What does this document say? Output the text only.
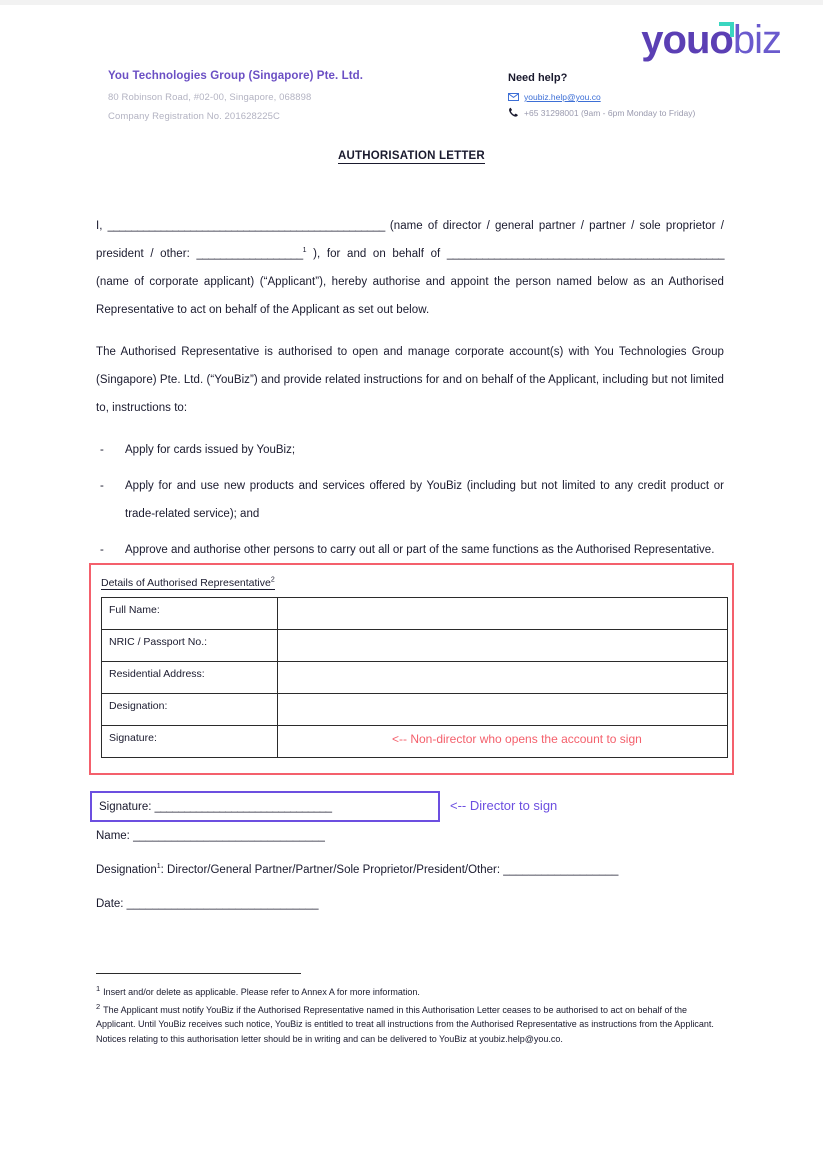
youo
biz

You Technologies Group (Singapore) Pte. Ltd.

80 Robinson Road, #02-00, Singapore, 068898

Company Registration No. 201628225C

Need help?

youbiz.help@you.co
+65 31298001 (9am - 6pm Monday to Friday)
AUTHORISATION LETTER

I, _______________________________________________ (name of director / general partner / partner / sole proprietor / president / other: __________________$^1$ ), for and on behalf of _______________________________________________ (name of corporate applicant) (“Applicant”), hereby authorise and appoint the person named below as an Authorised Representative to act on behalf of the Applicant as set out below.

The Authorised Representative is authorised to open and manage corporate account(s) with You Technologies Group (Singapore) Pte. Ltd. (“YouBiz”) and provide related instructions for and on behalf of the Applicant, including but not limited to, instructions to:

- Apply for cards issued by YouBiz;
- Apply for and use new products and services offered by YouBiz (including but not limited to any credit product or trade-related service); and
- Approve and authorise other persons to carry out all or part of the same functions as the Authorised Representative.
Details of Authorised Representative$^2$
Full Name:	
NRIC / Passport No.:	
Residential Address:	
Designation:	
Signature:	<-- Non-director who opens the account to sign
Signature: ______________________________	<-- Director to sign
Name: ______________________________
Designation$^1$: Director/General Partner/Partner/Sole Proprietor/President/Other: __________________
Date: ______________________________

$^1$ Insert and/or delete as applicable. Please refer to Annex A for more information.

$^2$ The Applicant must notify YouBiz if the Authorised Representative named in this Authorisation Letter ceases to be authorised to act on behalf of the Applicant. Until YouBiz receives such notice, YouBiz is entitled to treat all instructions from the Authorised Representative as instructions from the Applicant. Notices relating to this authorisation letter should be in writing and can be delivered to YouBiz at youbiz.help@you.co.
